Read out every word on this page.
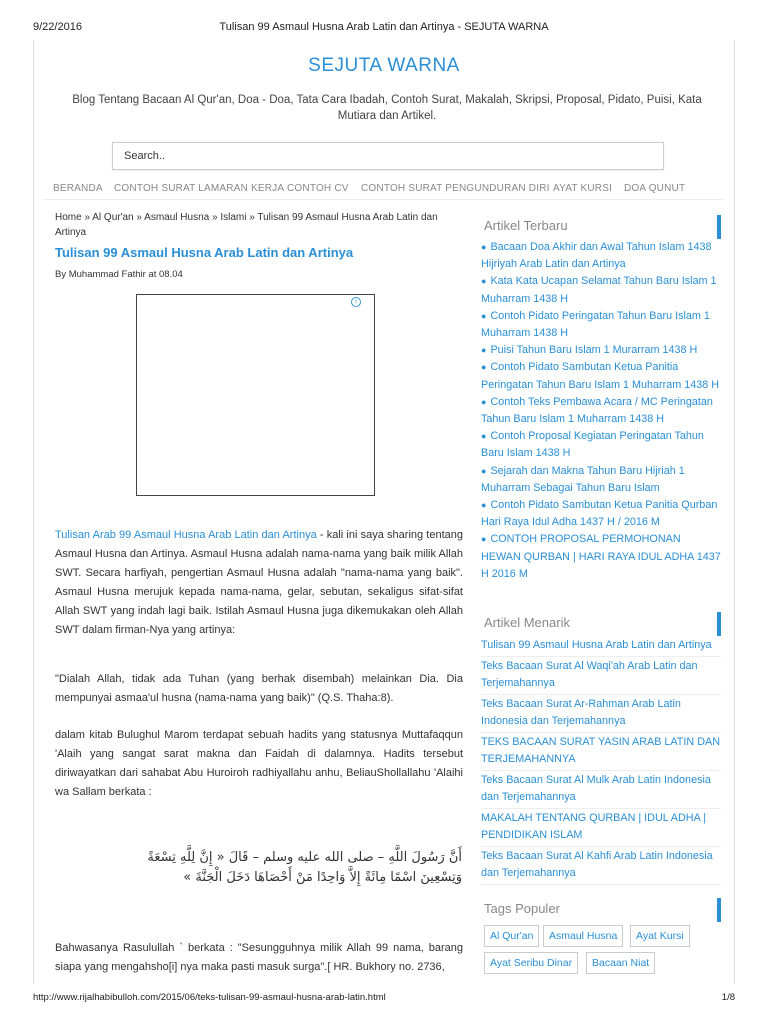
9/22/2016	Tulisan 99 Asmaul Husna Arab Latin dan Artinya - SEJUTA WARNA
SEJUTA WARNA
Blog Tentang Bacaan Al Qur'an, Doa - Doa, Tata Cara Ibadah, Contoh Surat, Makalah, Skripsi, Proposal, Pidato, Puisi, Kata Mutiara dan Artikel.
Search..
BERANDA CONTOH SURAT LAMARAN KERJA CONTOH CV CONTOH SURAT PENGUNDURAN DIRI AYAT KURSI DOA QUNUT
Home » Al Qur'an » Asmaul Husna » Islami » Tulisan 99 Asmaul Husna Arab Latin dan Artinya
Tulisan 99 Asmaul Husna Arab Latin dan Artinya
By Muhammad Fathir at 08.04
i
Tulisan Arab 99 Asmaul Husna Arab Latin dan Artinya - kali ini saya sharing tentang Asmaul Husna dan Artinya. Asmaul Husna adalah nama-nama yang baik milik Allah SWT. Secara harfiyah, pengertian Asmaul Husna adalah "nama-nama yang baik". Asmaul Husna merujuk kepada nama-nama, gelar, sebutan, sekaligus sifat-sifat Allah SWT yang indah lagi baik. Istilah Asmaul Husna juga dikemukakan oleh Allah SWT dalam firman-Nya yang artinya:
"Dialah Allah, tidak ada Tuhan (yang berhak disembah) melainkan Dia. Dia mempunyai asmaa'ul husna (nama-nama yang baik)" (Q.S. Thaha:8).
dalam kitab Bulughul Marom terdapat sebuah hadits yang statusnya Muttafaqqun 'Alaih yang sangat sarat makna dan Faidah di dalamnya. Hadits tersebut diriwayatkan dari sahabat Abu Huroiroh radhiyallahu anhu, BeliauShollallahu 'Alaihi wa Sallam berkata :
أَنَّ رَسُولَ اللَّهِ – صلى الله عليه وسلم – قَالَ « إِنَّ لِلَّهِ تِسْعَةً وَتِسْعِينَ اسْمًا مِائَةً إِلاَّ وَاحِدًا مَنْ أَحْصَاهَا دَخَلَ الْجَنَّةَ »
Bahwasanya Rasulullah ` berkata : "Sesungguhnya milik Allah 99 nama, barang siapa yang mengahsho[i] nya maka pasti masuk surga".[ HR. Bukhory no. 2736,
Artikel Terbaru
● Bacaan Doa Akhir dan Awal Tahun Islam 1438 Hijriyah Arab Latin dan Artinya
● Kata Kata Ucapan Selamat Tahun Baru Islam 1 Muharram 1438 H
● Contoh Pidato Peringatan Tahun Baru Islam 1 Muharram 1438 H
● Puisi Tahun Baru Islam 1 Murarram 1438 H
● Contoh Pidato Sambutan Ketua Panitia Peringatan Tahun Baru Islam 1 Muharram 1438 H
● Contoh Teks Pembawa Acara / MC Peringatan Tahun Baru Islam 1 Muharram 1438 H
● Contoh Proposal Kegiatan Peringatan Tahun Baru Islam 1438 H
● Sejarah dan Makna Tahun Baru Hijriah 1 Muharram Sebagai Tahun Baru Islam
● Contoh Pidato Sambutan Ketua Panitia Qurban Hari Raya Idul Adha 1437 H / 2016 M
● CONTOH PROPOSAL PERMOHONAN HEWAN QURBAN | HARI RAYA IDUL ADHA 1437 H 2016 M
Artikel Menarik
Tulisan 99 Asmaul Husna Arab Latin dan Artinya
Teks Bacaan Surat Al Waqi'ah Arab Latin dan Terjemahannya
Teks Bacaan Surat Ar-Rahman Arab Latin Indonesia dan Terjemahannya
TEKS BACAAN SURAT YASIN ARAB LATIN DAN TERJEMAHANNYA
Teks Bacaan Surat Al Mulk Arab Latin Indonesia dan Terjemahannya
MAKALAH TENTANG QURBAN | IDUL ADHA | PENDIDIKAN ISLAM
Teks Bacaan Surat Al Kahfi Arab Latin Indonesia dan Terjemahannya
Tags Populer
Al Qur'an	Asmaul Husna	Ayat Kursi
Ayat Seribu Dinar	Bacaan Niat
http://www.rijalhabibulloh.com/2015/06/teks-tulisan-99-asmaul-husna-arab-latin.html	1/8
